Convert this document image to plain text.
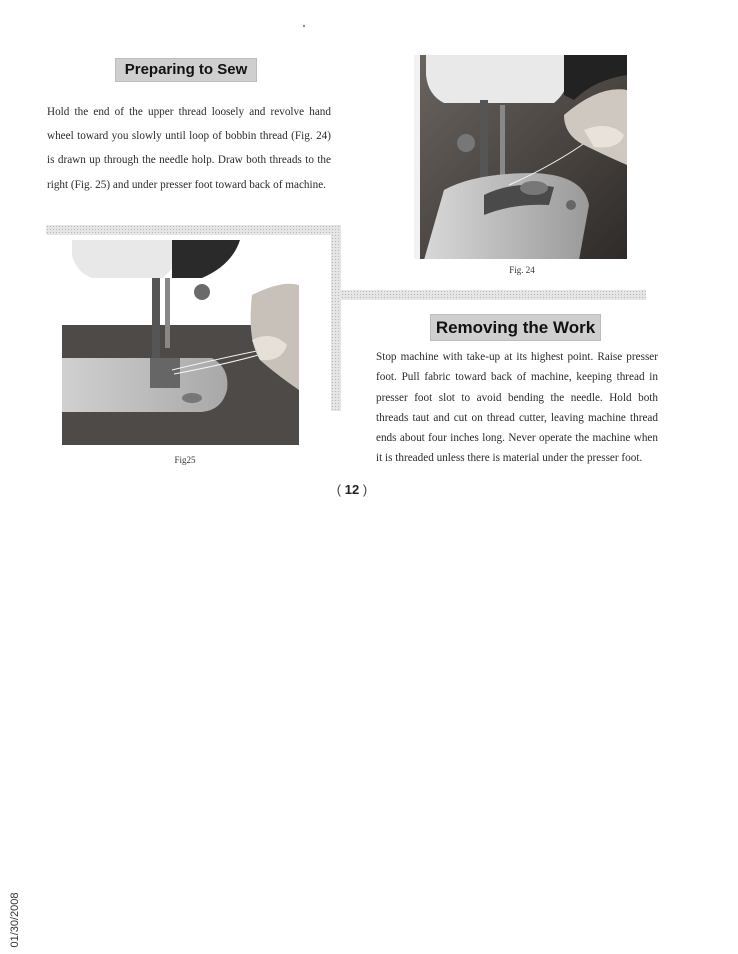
Preparing to Sew

Hold the end of the upper thread loosely and revolve hand wheel toward you slowly until loop of bobbin thread (Fig. 24) is drawn up through the needle holp. Draw both threads to the right (Fig. 25) and under presser foot toward back of machine.

Fig. 24
Removing the Work

Stop machine with take-up at its highest point. Raise presser foot. Pull fabric toward back of machine, keeping thread in presser foot slot to avoid bending the needle. Hold both threads taut and cut on thread cutter, leaving machine thread ends about four inches long. Never operate the machine when it is threaded unless there is material under the presser foot.

Fig25
( 12 )
01/30/2008
